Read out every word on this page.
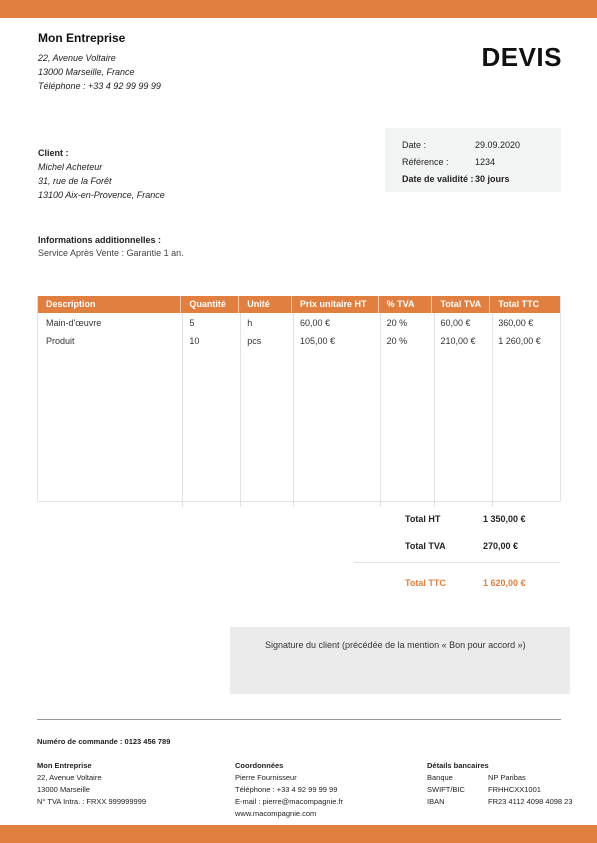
Mon Entreprise
22, Avenue Voltaire
13000 Marseille, France
Téléphone : +33 4 92 99 99 99
DEVIS
Client :
Michel Acheteur
31, rue de la Forêt
13100 Aix-en-Provence, France
Date :	29.09.2020
Référence :	1234
Date de validité : 30 jours
Informations additionnelles :
Service Après Vente : Garantie 1 an.
Description	Quantité	Unité	Prix unitaire HT	% TVA	Total TVA	Total TTC
Main-d'œuvre	5	h	60,00 €	20 %	60,00 €	360,00 €
Produit	10	pcs	105,00 €	20 %	210,00 €	1 260,00 €
Total HT	1 350,00 €
Total TVA	270,00 €
Total TTC	1 620,00 €
Signature du client (précédée de la mention « Bon pour accord »)
Numéro de commande : 0123 456 789
Mon Entreprise
22, Avenue Voltaire
13000 Marseille
N° TVA Intra. : FRXX 999999999
Coordonnées
Pierre Fournisseur
Téléphone : +33 4 92 99 99 99
E-mail : pierre@macompagnie.fr
www.macompagnie.com
Détails bancaires
Banque	NP Paribas
SWIFT/BIC	FRHHCXX1001
IBAN	FR23 4112 4098 4098 23
